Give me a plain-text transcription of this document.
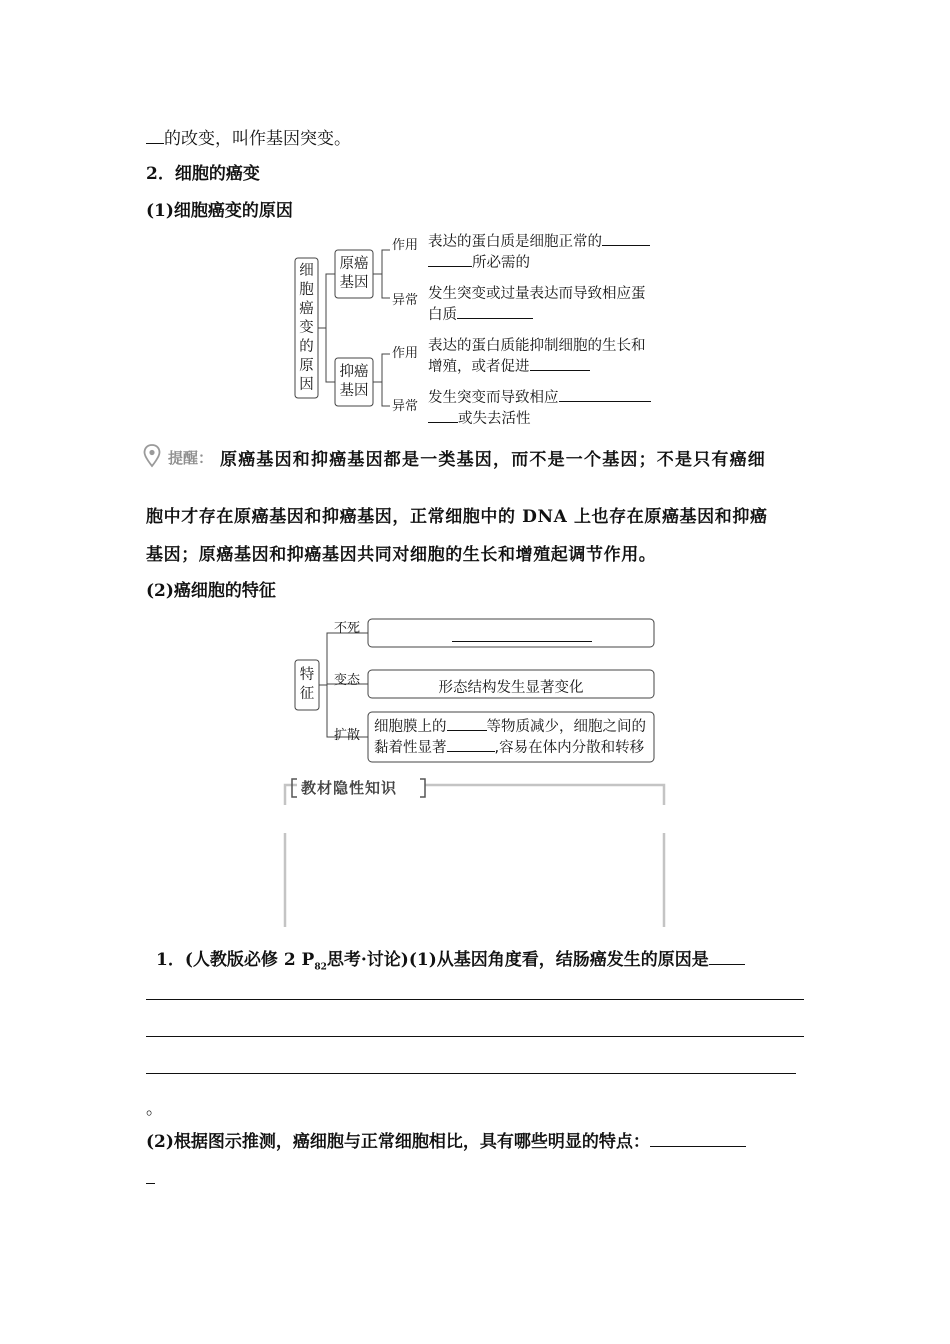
的改变，叫作基因突变。
2．细胞的癌变
(1)细胞癌变的原因
细
胞
癌
变
的
原
因
原癌
基因
抑癌
基因
作用 表达的蛋白质是细胞正常的
所必需的
异常 发生突变或过量表达而导致相应蛋
白质
作用 表达的蛋白质能抑制细胞的生长和
增殖，或者促进
异常
发生突变而导致相应
或失去活性
提醒： 原癌基因和抑癌基因都是一类基因，而不是一个基因；不是只有癌细
胞中才存在原癌基因和抑癌基因，正常细胞中的 DNA 上也存在原癌基因和抑癌
基因；原癌基因和抑癌基因共同对细胞的生长和增殖起调节作用。
(2)癌细胞的特征
特
征
不死
变态	形态结构发生显著变化
扩散
细胞膜上的	等物质减少，细胞之间的
黏着性显著	,容易在体内分散和转移
教材隐性知识
1．(人教版必修 2 $P_{82}$思考·讨论)(1)从基因角度看，结肠癌发生的原因是
。
(2)根据图示推测，癌细胞与正常细胞相比，具有哪些明显的特点：
